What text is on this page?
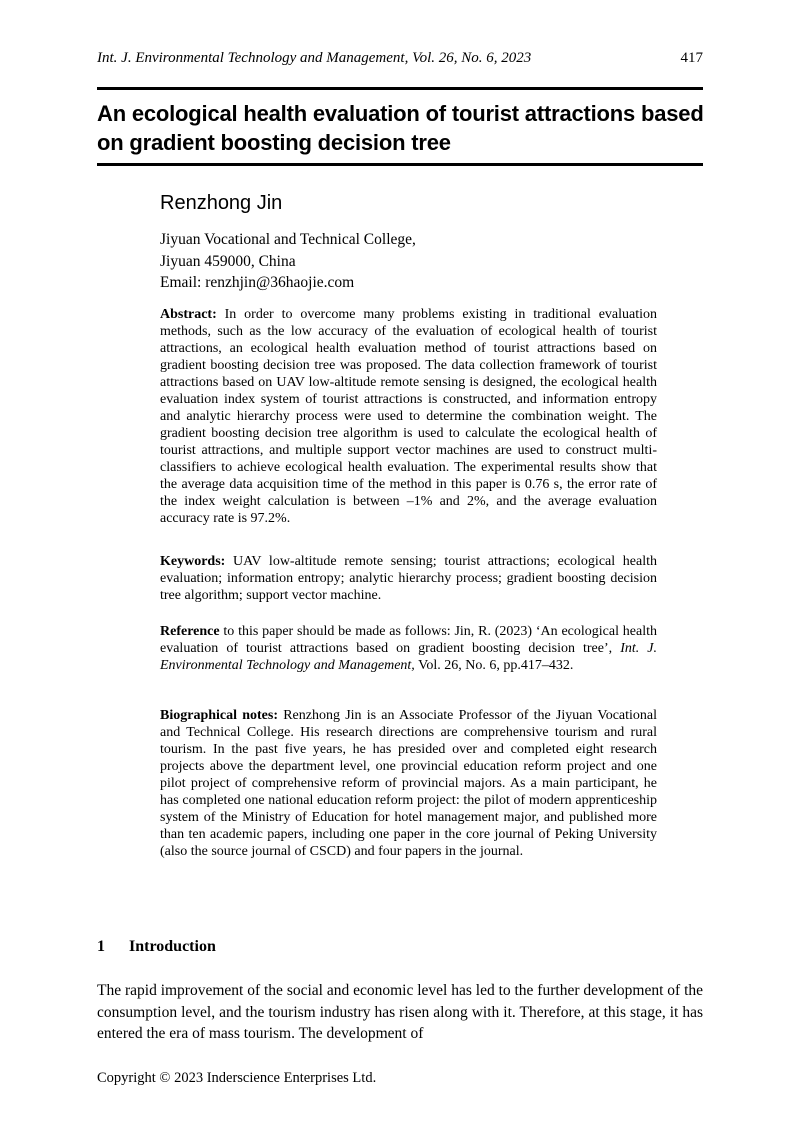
Int. J. Environmental Technology and Management, Vol. 26, No. 6, 2023	417
An ecological health evaluation of tourist attractions based on gradient boosting decision tree
Renzhong Jin
Jiyuan Vocational and Technical College,
Jiyuan 459000, China
Email: renzhjin@36haojie.com

Abstract: In order to overcome many problems existing in traditional evaluation methods, such as the low accuracy of the evaluation of ecological health of tourist attractions, an ecological health evaluation method of tourist attractions based on gradient boosting decision tree was proposed. The data collection framework of tourist attractions based on UAV low-altitude remote sensing is designed, the ecological health evaluation index system of tourist attractions is constructed, and information entropy and analytic hierarchy process were used to determine the combination weight. The gradient boosting decision tree algorithm is used to calculate the ecological health of tourist attractions, and multiple support vector machines are used to construct multi-classifiers to achieve ecological health evaluation. The experimental results show that the average data acquisition time of the method in this paper is 0.76 s, the error rate of the index weight calculation is between –1% and 2%, and the average evaluation accuracy rate is 97.2%.

Keywords: UAV low-altitude remote sensing; tourist attractions; ecological health evaluation; information entropy; analytic hierarchy process; gradient boosting decision tree algorithm; support vector machine.

Reference to this paper should be made as follows: Jin, R. (2023) ‘An ecological health evaluation of tourist attractions based on gradient boosting decision tree’, Int. J. Environmental Technology and Management, Vol. 26, No. 6, pp.417–432.

Biographical notes: Renzhong Jin is an Associate Professor of the Jiyuan Vocational and Technical College. His research directions are comprehensive tourism and rural tourism. In the past five years, he has presided over and completed eight research projects above the department level, one provincial education reform project and one pilot project of comprehensive reform of provincial majors. As a main participant, he has completed one national education reform project: the pilot of modern apprenticeship system of the Ministry of Education for hotel management major, and published more than ten academic papers, including one paper in the core journal of Peking University (also the source journal of CSCD) and four papers in the journal.

1 Introduction

The rapid improvement of the social and economic level has led to the further development of the consumption level, and the tourism industry has risen along with it. Therefore, at this stage, it has entered the era of mass tourism. The development of

Copyright © 2023 Inderscience Enterprises Ltd.
